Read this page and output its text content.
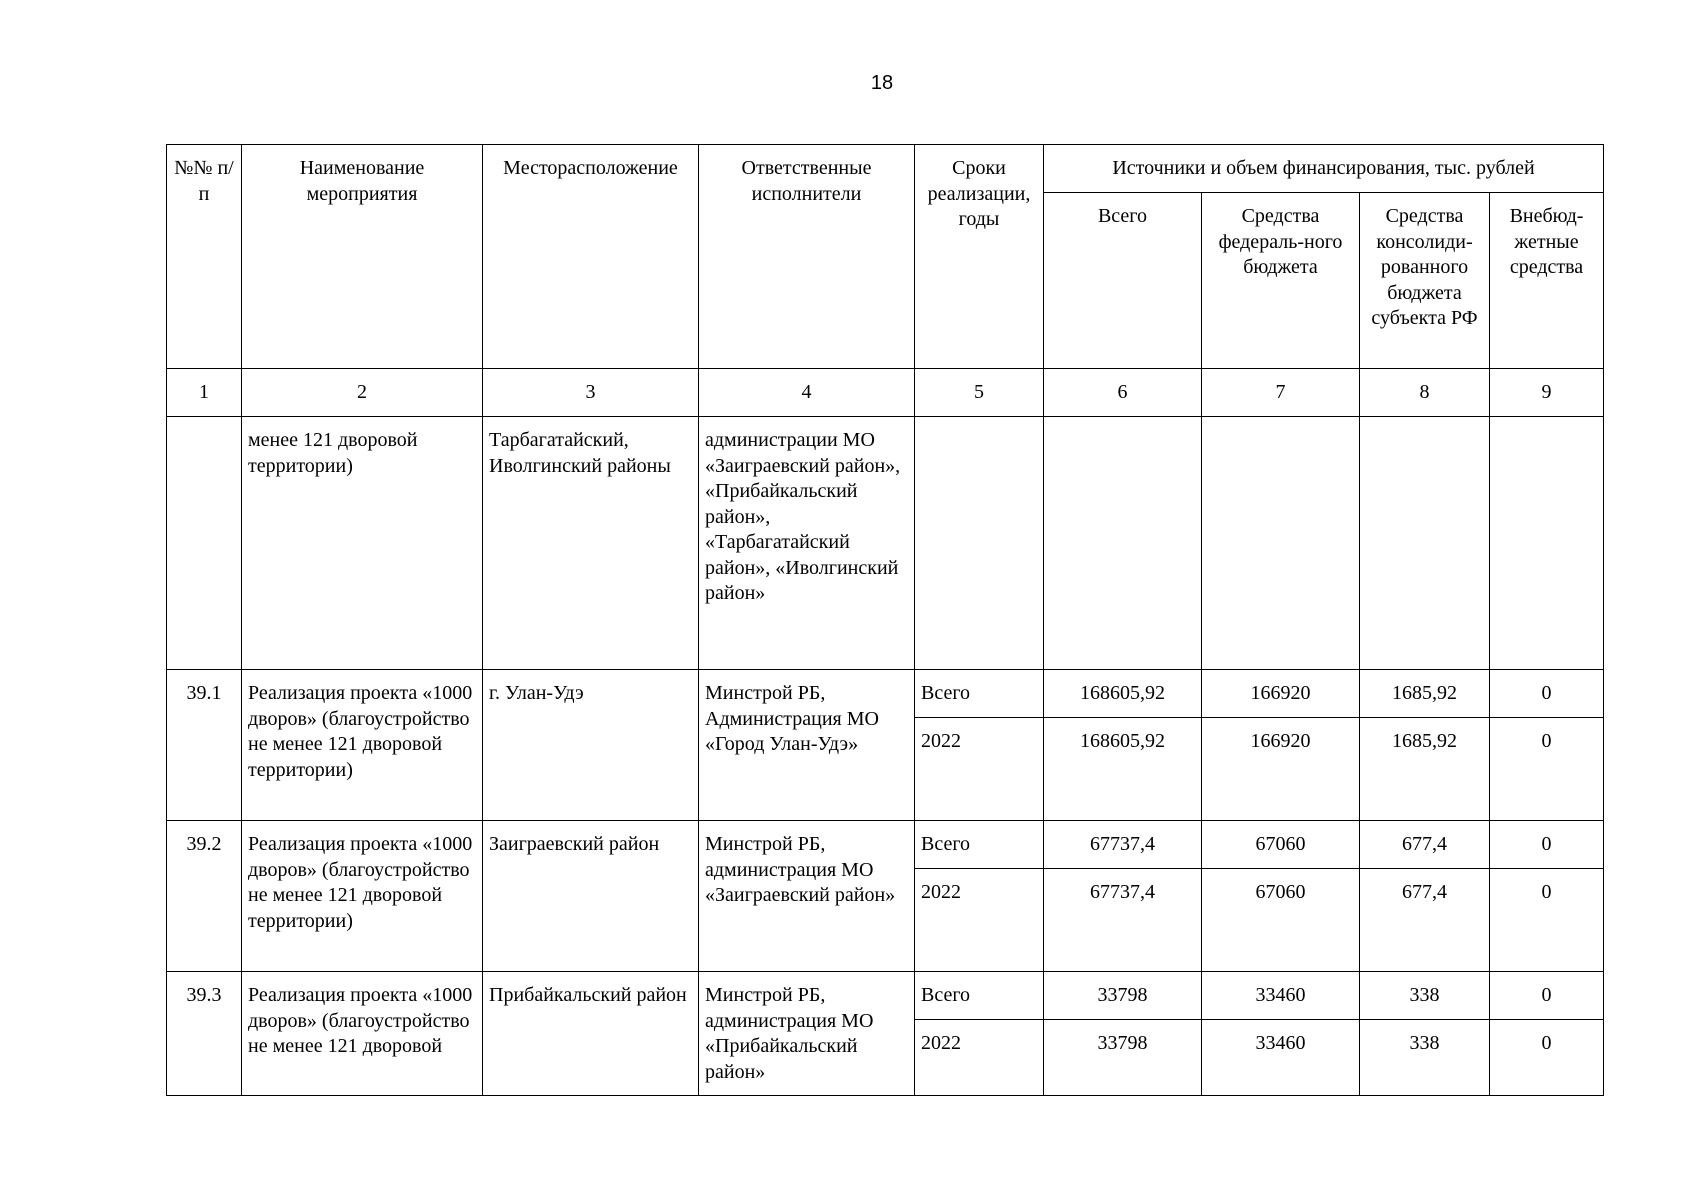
18
№№ п/п	Наименование мероприятия	Месторасположение	Ответственные исполнители	Сроки реализации, годы	Источники и объем финансирования, тыс. рублей			
					Всего	Средства федераль-ного бюджета	Средства консолиди-рованного бюджета субъекта РФ	Внебюд-жетные средства
1	2	3	4	5	6	7	8	9
	менее 121 дворовой территории)	Тарбагатайский, Иволгинский районы	администрации МО «Заиграевский район», «Прибайкальский район», «Тарбагатайский район», «Иволгинский район»					
39.1	Реализация проекта «1000 дворов» (благоустройство не менее 121 дворовой территории)	г. Улан-Удэ	Минстрой РБ, Администрация МО «Город Улан-Удэ»	Всего	168605,92	166920	1685,92	0
				2022	168605,92	166920	1685,92	0
39.2	Реализация проекта «1000 дворов» (благоустройство не менее 121 дворовой территории)	Заиграевский район	Минстрой РБ, администрация МО «Заиграевский район»	Всего	67737,4	67060	677,4	0
				2022	67737,4	67060	677,4	0
39.3	Реализация проекта «1000 дворов» (благоустройство не менее 121 дворовой	Прибайкальский район	Минстрой РБ, администрация МО «Прибайкальский район»	Всего	33798	33460	338	0
				2022	33798	33460	338	0
